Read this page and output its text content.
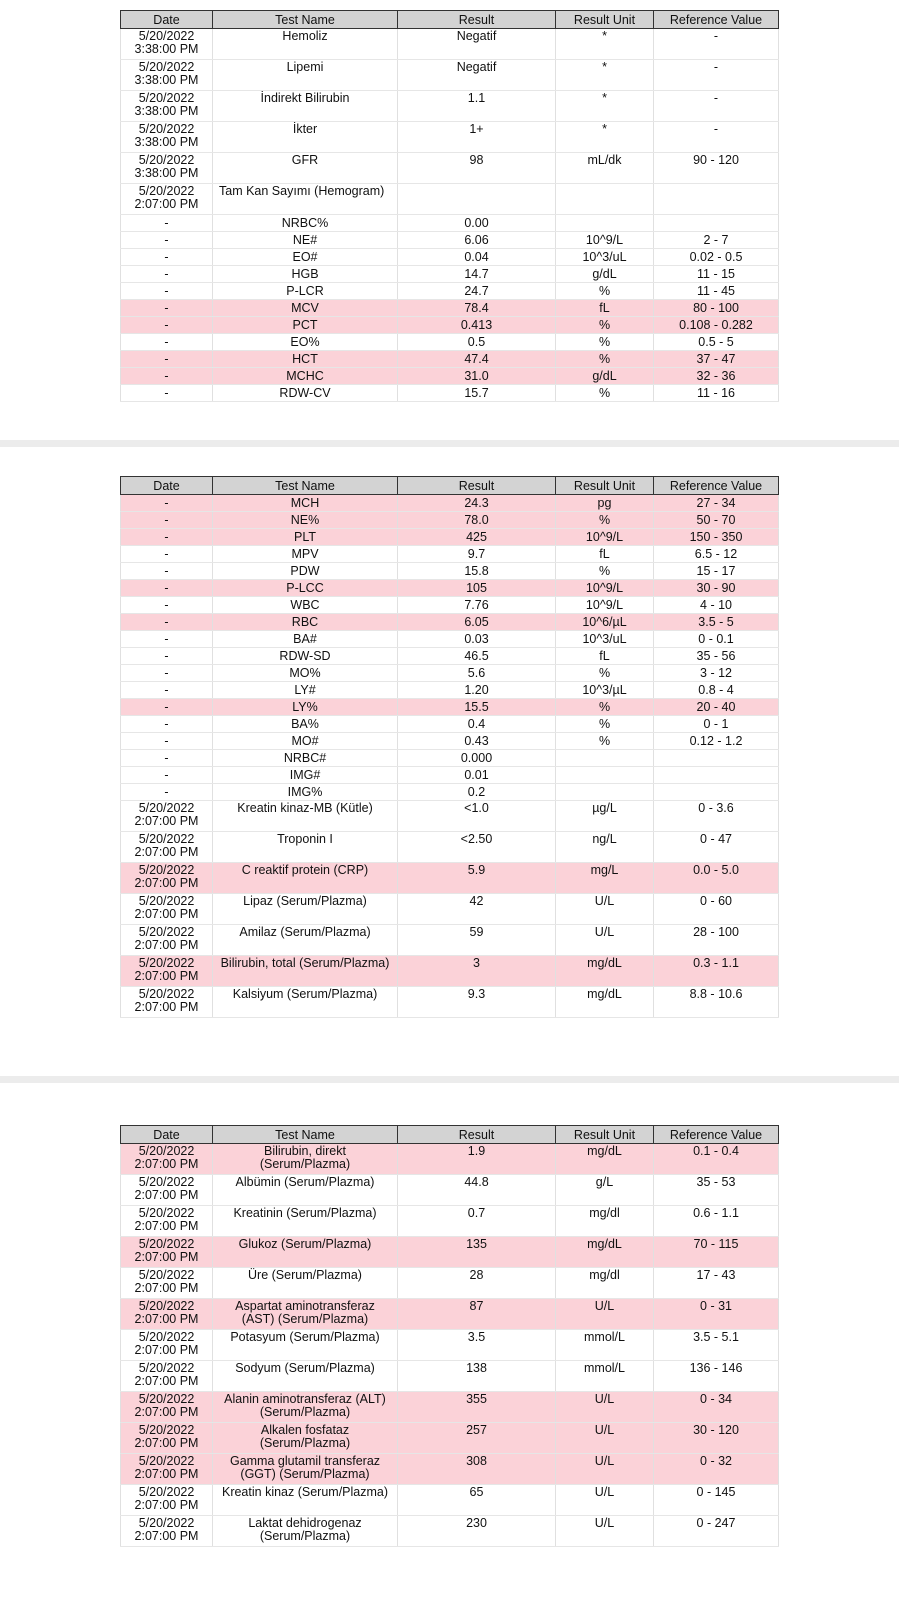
Date	Test Name	Result	Result Unit	Reference Value
5/20/2022
3:38:00 PM	Hemoliz	Negatif	*	-
5/20/2022
3:38:00 PM	Lipemi	Negatif	*	-
5/20/2022
3:38:00 PM	İndirekt Bilirubin	1.1	*	-
5/20/2022
3:38:00 PM	İkter	1+	*	-
5/20/2022
3:38:00 PM	GFR	98	mL/dk	90 - 120
5/20/2022
2:07:00 PM	Tam Kan Sayımı (Hemogram)			
-	NRBC%	0.00		
-	NE#	6.06	10^9/L	2 - 7
-	EO#	0.04	10^3/uL	0.02 - 0.5
-	HGB	14.7	g/dL	11 - 15
-	P-LCR	24.7	%	11 - 45
-	MCV	78.4	fL	80 - 100
-	PCT	0.413	%	0.108 - 0.282
-	EO%	0.5	%	0.5 - 5
-	HCT	47.4	%	37 - 47
-	MCHC	31.0	g/dL	32 - 36
-	RDW-CV	15.7	%	11 - 16
Date	Test Name	Result	Result Unit	Reference Value
-	MCH	24.3	pg	27 - 34
-	NE%	78.0	%	50 - 70
-	PLT	425	10^9/L	150 - 350
-	MPV	9.7	fL	6.5 - 12
-	PDW	15.8	%	15 - 17
-	P-LCC	105	10^9/L	30 - 90
-	WBC	7.76	10^9/L	4 - 10
-	RBC	6.05	10^6/µL	3.5 - 5
-	BA#	0.03	10^3/uL	0 - 0.1
-	RDW-SD	46.5	fL	35 - 56
-	MO%	5.6	%	3 - 12
-	LY#	1.20	10^3/µL	0.8 - 4
-	LY%	15.5	%	20 - 40
-	BA%	0.4	%	0 - 1
-	MO#	0.43	%	0.12 - 1.2
-	NRBC#	0.000		
-	IMG#	0.01		
-	IMG%	0.2		
5/20/2022
2:07:00 PM	Kreatin kinaz-MB (Kütle)	<1.0	µg/L	0 - 3.6
5/20/2022
2:07:00 PM	Troponin I	<2.50	ng/L	0 - 47
5/20/2022
2:07:00 PM	C reaktif protein (CRP)	5.9	mg/L	0.0 - 5.0
5/20/2022
2:07:00 PM	Lipaz (Serum/Plazma)	42	U/L	0 - 60
5/20/2022
2:07:00 PM	Amilaz (Serum/Plazma)	59	U/L	28 - 100
5/20/2022
2:07:00 PM	Bilirubin, total (Serum/Plazma)	3	mg/dL	0.3 - 1.1
5/20/2022
2:07:00 PM	Kalsiyum (Serum/Plazma)	9.3	mg/dL	8.8 - 10.6
Date	Test Name	Result	Result Unit	Reference Value
5/20/2022
2:07:00 PM	Bilirubin, direkt
(Serum/Plazma)	1.9	mg/dL	0.1 - 0.4
5/20/2022
2:07:00 PM	Albümin (Serum/Plazma)	44.8	g/L	35 - 53
5/20/2022
2:07:00 PM	Kreatinin (Serum/Plazma)	0.7	mg/dl	0.6 - 1.1
5/20/2022
2:07:00 PM	Glukoz (Serum/Plazma)	135	mg/dL	70 - 115
5/20/2022
2:07:00 PM	Üre (Serum/Plazma)	28	mg/dl	17 - 43
5/20/2022
2:07:00 PM	Aspartat aminotransferaz
(AST) (Serum/Plazma)	87	U/L	0 - 31
5/20/2022
2:07:00 PM	Potasyum (Serum/Plazma)	3.5	mmol/L	3.5 - 5.1
5/20/2022
2:07:00 PM	Sodyum (Serum/Plazma)	138	mmol/L	136 - 146
5/20/2022
2:07:00 PM	Alanin aminotransferaz (ALT)
(Serum/Plazma)	355	U/L	0 - 34
5/20/2022
2:07:00 PM	Alkalen fosfataz
(Serum/Plazma)	257	U/L	30 - 120
5/20/2022
2:07:00 PM	Gamma glutamil transferaz
(GGT) (Serum/Plazma)	308	U/L	0 - 32
5/20/2022
2:07:00 PM	Kreatin kinaz (Serum/Plazma)	65	U/L	0 - 145
5/20/2022
2:07:00 PM	Laktat dehidrogenaz
(Serum/Plazma)	230	U/L	0 - 247
